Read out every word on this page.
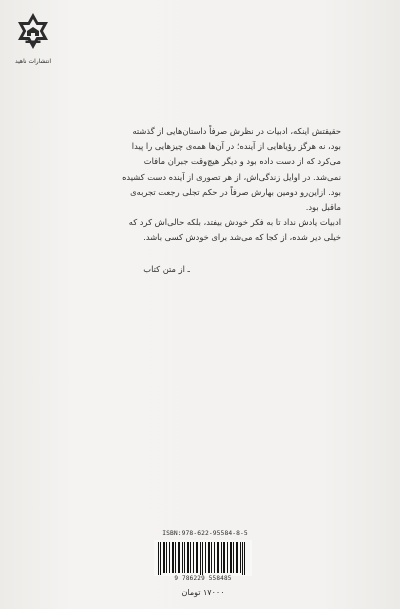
انتشارات ناهید

حقیقتش اینکه، ادبیات در نظرش صرفاً داستان‌هایی از گذشته بود، نه هرگز رؤیاهایی از آینده؛ در آن‌ها همه‌ی چیزهایی را پیدا می‌کرد که از دست داده بود و دیگر هیچ‌وقت جبران مافات نمی‌شد. در اوایل زندگی‌اش، از هر تصوری از آینده دست کشیده بود. ازاین‌رو دومین بهارش صرفاً در حکم تجلی رجعت تجربه‌ی ماقبل بود.

ادبیات یادش نداد تا به فکر خودش بیفتد، بلکه حالی‌اش کرد که خیلی دیر شده، از کجا که می‌شد برای خودش کسی باشد.

ـ از متن کتاب
ISBN:978-622-95584-8-5
9 786229 558485
۱۷۰۰۰ تومان
